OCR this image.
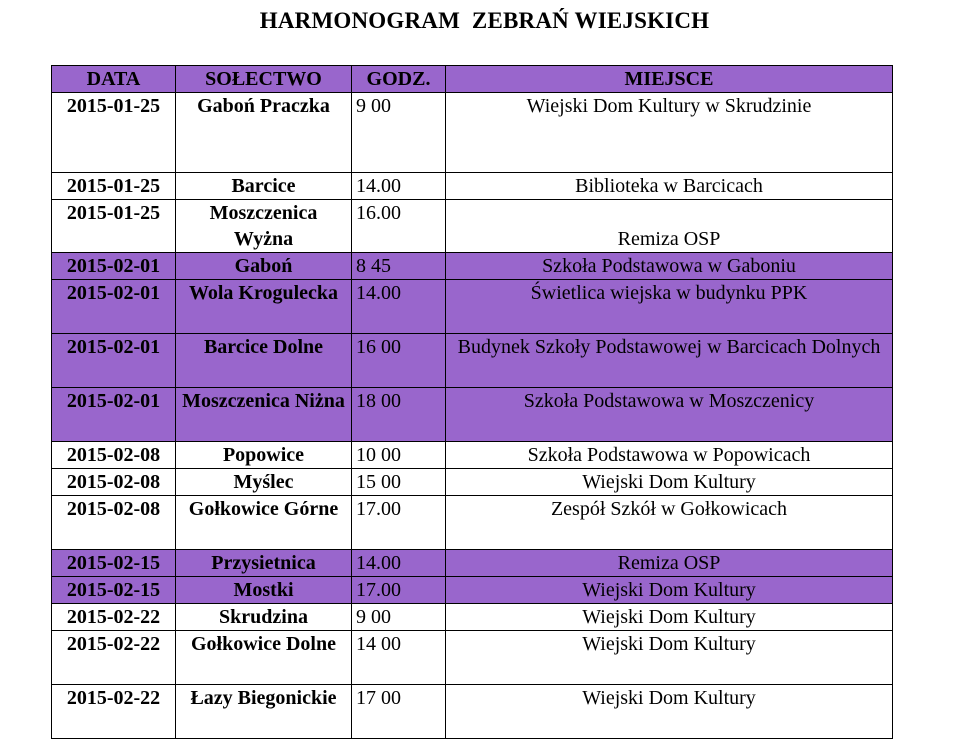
HARMONOGRAM  ZEBRAŃ WIEJSKICH
DATA	SOŁECTWO	GODZ.	MIEJSCE
2015-01-25	Gaboń Praczka	9 00	Wiejski Dom Kultury w Skrudzinie
2015-01-25	Barcice	14.00	Biblioteka w Barcicach
2015-01-25	Moszczenica Wyżna	16.00	Remiza OSP
2015-02-01	Gaboń	8 45	Szkoła Podstawowa w Gaboniu
2015-02-01	Wola Krogulecka	14.00	Świetlica wiejska w budynku PPK
2015-02-01	Barcice Dolne	16 00	Budynek Szkoły Podstawowej w Barcicach Dolnych
2015-02-01	Moszczenica Niżna	18 00	Szkoła Podstawowa w Moszczenicy
2015-02-08	Popowice	10 00	Szkoła Podstawowa w Popowicach
2015-02-08	Myślec	15 00	Wiejski Dom Kultury
2015-02-08	Gołkowice Górne	17.00	Zespół Szkół w Gołkowicach
2015-02-15	Przysietnica	14.00	Remiza OSP
2015-02-15	Mostki	17.00	Wiejski Dom Kultury
2015-02-22	Skrudzina	9 00	Wiejski Dom Kultury
2015-02-22	Gołkowice Dolne	14 00	Wiejski Dom Kultury
2015-02-22	Łazy Biegonickie	17 00	Wiejski Dom Kultury
